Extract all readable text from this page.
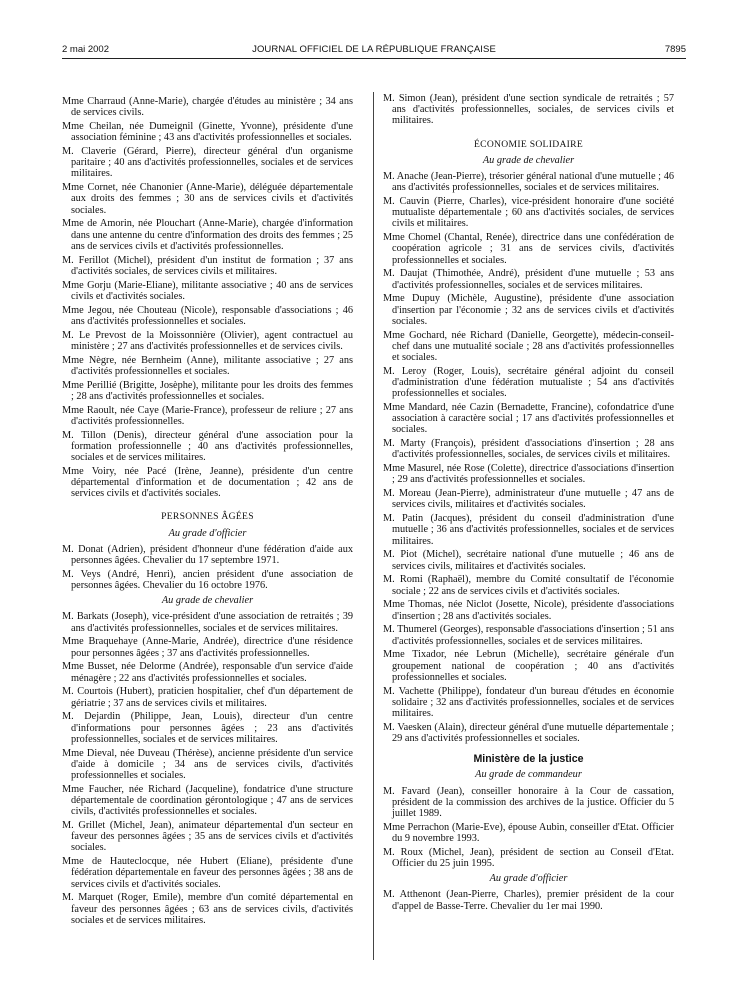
2 mai 2002	JOURNAL OFFICIEL DE LA RÉPUBLIQUE FRANÇAISE	7895
Mme Charraud (Anne-Marie), chargée d'études au ministère ; 34 ans de services civils.
Mme Cheilan, née Dumeignil (Ginette, Yvonne), présidente d'une association féminine ; 43 ans d'activités professionnelles et sociales.
M. Claverie (Gérard, Pierre), directeur général d'un organisme paritaire ; 40 ans d'activités professionnelles, sociales et de services militaires.
Mme Cornet, née Chanonier (Anne-Marie), déléguée départementale aux droits des femmes ; 30 ans de services civils et d'activités sociales.
Mme de Amorin, née Plouchart (Anne-Marie), chargée d'information dans une antenne du centre d'information des droits des femmes ; 25 ans de services civils et d'activités professionnelles.
M. Ferillot (Michel), président d'un institut de formation ; 37 ans d'activités sociales, de services civils et militaires.
Mme Gorju (Marie-Eliane), militante associative ; 40 ans de services civils et d'activités sociales.
Mme Jegou, née Chouteau (Nicole), responsable d'associations ; 46 ans d'activités professionnelles et sociales.
M. Le Prevost de la Moissonnière (Olivier), agent contractuel au ministère ; 27 ans d'activités professionnelles et de services civils.
Mme Nègre, née Bernheim (Anne), militante associative ; 27 ans d'activités professionnelles et sociales.
Mme Perillié (Brigitte, Josèphe), militante pour les droits des femmes ; 28 ans d'activités professionnelles et sociales.
Mme Raoult, née Caye (Marie-France), professeur de reliure ; 27 ans d'activités professionnelles.
M. Tillon (Denis), directeur général d'une association pour la formation professionnelle ; 40 ans d'activités professionnelles, sociales et de services militaires.
Mme Voiry, née Pacé (Irène, Jeanne), présidente d'un centre départemental d'information et de documentation ; 42 ans de services civils et d'activités sociales.
PERSONNES ÂGÉES
Au grade d'officier
M. Donat (Adrien), président d'honneur d'une fédération d'aide aux personnes âgées. Chevalier du 17 septembre 1971.
M. Veys (André, Henri), ancien président d'une association de personnes âgées. Chevalier du 16 octobre 1976.
Au grade de chevalier
M. Barkats (Joseph), vice-président d'une association de retraités ; 39 ans d'activités professionnelles, sociales et de services militaires.
Mme Braquehaye (Anne-Marie, Andrée), directrice d'une résidence pour personnes âgées ; 37 ans d'activités professionnelles.
Mme Busset, née Delorme (Andrée), responsable d'un service d'aide ménagère ; 22 ans d'activités professionnelles et sociales.
M. Courtois (Hubert), praticien hospitalier, chef d'un département de gériatrie ; 37 ans de services civils et militaires.
M. Dejardin (Philippe, Jean, Louis), directeur d'un centre d'informations pour personnes âgées ; 23 ans d'activités professionnelles, sociales et de services militaires.
Mme Dieval, née Duveau (Thérèse), ancienne présidente d'un service d'aide à domicile ; 34 ans de services civils, d'activités professionnelles et sociales.
Mme Faucher, née Richard (Jacqueline), fondatrice d'une structure départementale de coordination gérontologique ; 47 ans de services civils, d'activités professionnelles et sociales.
M. Grillet (Michel, Jean), animateur départemental d'un secteur en faveur des personnes âgées ; 35 ans de services civils et d'activités sociales.
Mme de Hauteclocque, née Hubert (Eliane), présidente d'une fédération départementale en faveur des personnes âgées ; 38 ans de services civils et d'activités sociales.
M. Marquet (Roger, Emile), membre d'un comité départemental en faveur des personnes âgées ; 63 ans de services civils, d'activités sociales et de services militaires.
M. Simon (Jean), président d'une section syndicale de retraités ; 57 ans d'activités professionnelles, sociales, de services civils et militaires.
ÉCONOMIE SOLIDAIRE
Au grade de chevalier
M. Anache (Jean-Pierre), trésorier général national d'une mutuelle ; 46 ans d'activités professionnelles, sociales et de services militaires.
M. Cauvin (Pierre, Charles), vice-président honoraire d'une société mutualiste départementale ; 60 ans d'activités sociales, de services civils et militaires.
Mme Chomel (Chantal, Renée), directrice dans une confédération de coopération agricole ; 31 ans de services civils, d'activités professionnelles et sociales.
M. Daujat (Thimothée, André), président d'une mutuelle ; 53 ans d'activités professionnelles, sociales et de services militaires.
Mme Dupuy (Michèle, Augustine), présidente d'une association d'insertion par l'économie ; 32 ans de services civils et d'activités sociales.
Mme Gochard, née Richard (Danielle, Georgette), médecin-conseil-chef dans une mutualité sociale ; 28 ans d'activités professionnelles et sociales.
M. Leroy (Roger, Louis), secrétaire général adjoint du conseil d'administration d'une fédération mutualiste ; 54 ans d'activités professionnelles et sociales.
Mme Mandard, née Cazin (Bernadette, Francine), cofondatrice d'une association à caractère social ; 17 ans d'activités professionnelles et sociales.
M. Marty (François), président d'associations d'insertion ; 28 ans d'activités professionnelles, sociales, de services civils et militaires.
Mme Masurel, née Rose (Colette), directrice d'associations d'insertion ; 29 ans d'activités professionnelles et sociales.
M. Moreau (Jean-Pierre), administrateur d'une mutuelle ; 47 ans de services civils, militaires et d'activités sociales.
M. Patin (Jacques), président du conseil d'administration d'une mutuelle ; 36 ans d'activités professionnelles, sociales et de services militaires.
M. Piot (Michel), secrétaire national d'une mutuelle ; 46 ans de services civils, militaires et d'activités sociales.
M. Romi (Raphaël), membre du Comité consultatif de l'économie sociale ; 22 ans de services civils et d'activités sociales.
Mme Thomas, née Niclot (Josette, Nicole), présidente d'associations d'insertion ; 28 ans d'activités sociales.
M. Thumerel (Georges), responsable d'associations d'insertion ; 51 ans d'activités professionnelles, sociales et de services militaires.
Mme Tixador, née Lebrun (Michelle), secrétaire générale d'un groupement national de coopération ; 40 ans d'activités professionnelles et sociales.
M. Vachette (Philippe), fondateur d'un bureau d'études en économie solidaire ; 32 ans d'activités professionnelles, sociales et de services militaires.
M. Vaesken (Alain), directeur général d'une mutuelle départementale ; 29 ans d'activités professionnelles et sociales.
Ministère de la justice
Au grade de commandeur
M. Favard (Jean), conseiller honoraire à la Cour de cassation, président de la commission des archives de la justice. Officier du 5 juillet 1989.
Mme Perrachon (Marie-Eve), épouse Aubin, conseiller d'Etat. Officier du 9 novembre 1993.
M. Roux (Michel, Jean), président de section au Conseil d'Etat. Officier du 25 juin 1995.
Au grade d'officier
M. Atthenont (Jean-Pierre, Charles), premier président de la cour d'appel de Basse-Terre. Chevalier du 1er mai 1990.
